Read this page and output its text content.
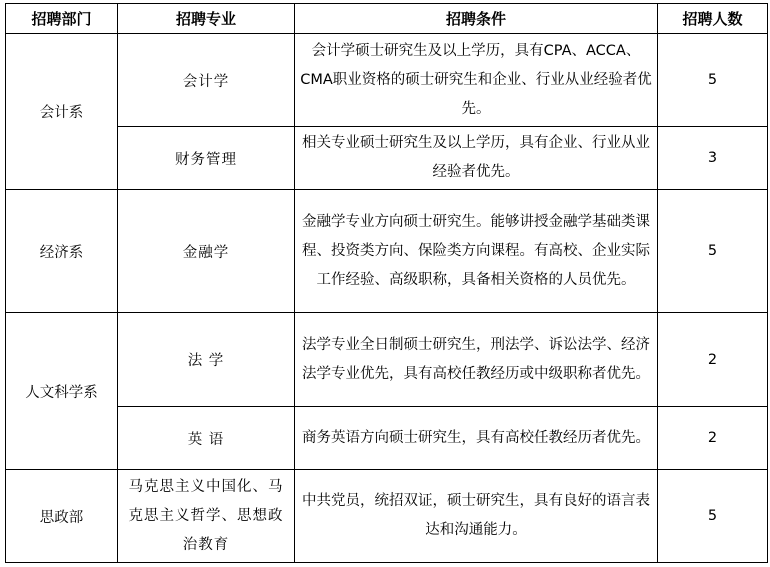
招聘部门	招聘专业	招聘条件	招聘人数
会计系	会计学	会计学硕士研究生及以上学历，具有CPA、ACCA、CMA职业资格的硕士研究生和企业、行业从业经验者优先。	5
	财务管理	相关专业硕士研究生及以上学历，具有企业、行业从业经验者优先。	3
经济系	金融学	金融学专业方向硕士研究生。能够讲授金融学基础类课程、投资类方向、保险类方向课程。有高校、企业实际工作经验、高级职称，具备相关资格的人员优先。	5
人文科学系	法 学	法学专业全日制硕士研究生，刑法学、诉讼法学、经济法学专业优先，具有高校任教经历或中级职称者优先。	2
	英 语	商务英语方向硕士研究生，具有高校任教经历者优先。	2
思政部	马克思主义中国化、马克思主义哲学、思想政治教育	中共党员，统招双证，硕士研究生，具有良好的语言表达和沟通能力。	5
